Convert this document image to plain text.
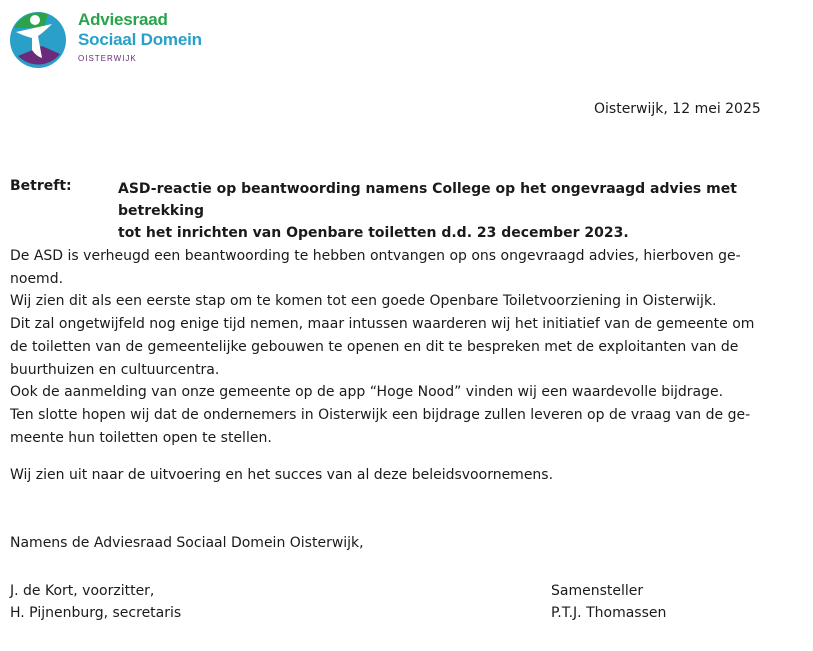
Adviesraad
Sociaal Domein
OISTERWIJK
Oisterwijk, 12 mei 2025
Betreft:	ASD-reactie op beantwoording namens College op het ongevraagd advies met betrekking
tot het inrichten van Openbare toiletten d.d. 23 december 2023.
De ASD is verheugd een beantwoording te hebben ontvangen op ons ongevraagd advies, hierboven ge-
noemd.
Wij zien dit als een eerste stap om te komen tot een goede Openbare Toiletvoorziening in Oisterwijk.
Dit zal ongetwijfeld nog enige tijd nemen, maar intussen waarderen wij het initiatief van de gemeente om
de toiletten van de gemeentelijke gebouwen te openen en dit te bespreken met de exploitanten van de
buurthuizen en cultuurcentra.
Ook de aanmelding van onze gemeente op de app “Hoge Nood” vinden wij een waardevolle bijdrage.
Ten slotte hopen wij dat de ondernemers in Oisterwijk een bijdrage zullen leveren op de vraag van de ge-
meente hun toiletten open te stellen.
Wij zien uit naar de uitvoering en het succes van al deze beleidsvoornemens.
Namens de Adviesraad Sociaal Domein Oisterwijk,
J. de Kort, voorzitter,
H. Pijnenburg, secretaris
Samensteller
P.T.J. Thomassen
